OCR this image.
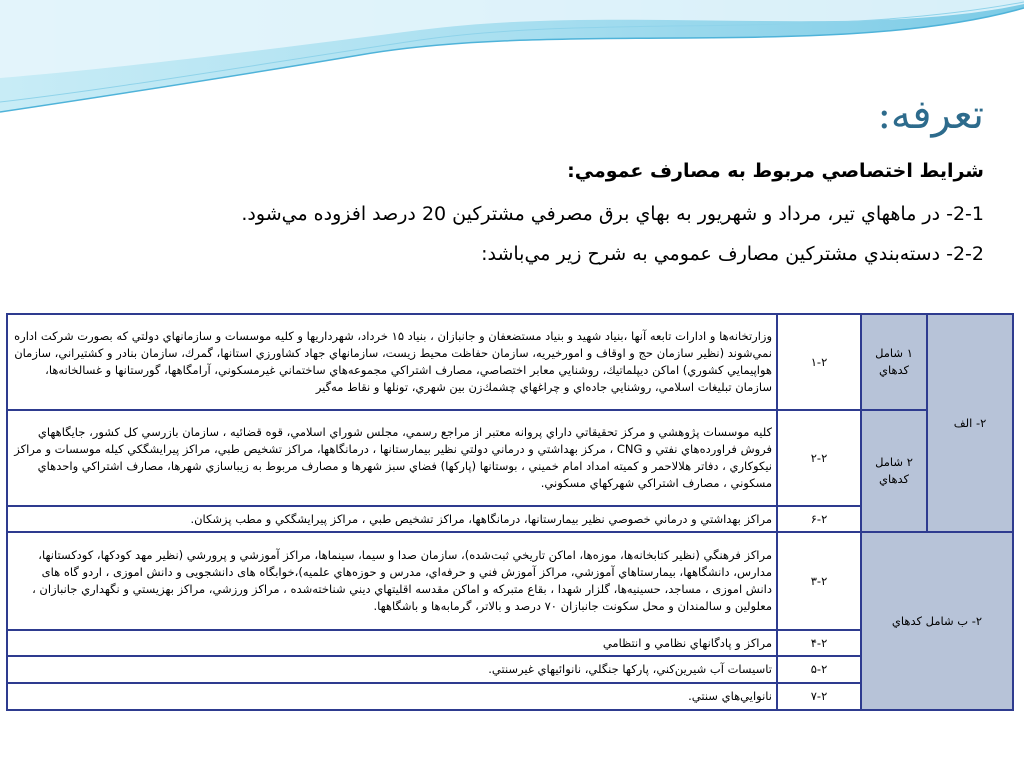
تعرفه:
شرايط اختصاصي مربوط به مصارف عمومي:
2-1- در ماههاي تير، مرداد و شهريور به بهاي برق مصرفي مشتركين 20 درصد افزوده مي‌شود.
2-2- دسته‌بندي مشتركين مصارف عمومي به شرح زير مي‌باشد:
٢- الف	١ شامل كدهاي	٢-١	وزارتخانه‌ها و ادارات تابعه آنها ،بنياد شهيد و بنياد مستضعفان و جانبازان ، بنياد ١۵ خرداد، شهرداريها و كليه موسسات و سازمانهاي دولتي كه بصورت شركت اداره نمي‌شوند (نظير سازمان حج و اوقاف و امورخيريه، سازمان حفاظت محيط زيست، سازمانهاي جهاد كشاورزي استانها، گمرك، سازمان بنادر و كشتيراني، سازمان هواپيمايي كشوري) اماكن ديپلماتيك، روشنايي معابر اختصاصي، مصارف اشتراكي مجموعه‌هاي ساختماني غيرمسكوني، آرامگاهها، گورستانها و غسالخانه‌ها، سازمان تبليغات اسلامي، روشنايي جاده‌اي و چراغهاي چشمك‌زن بين شهري، تونلها و نقاط مه‌گير
	٢ شامل كدهاي	٢-٢	كليه موسسات پژوهشي و مركز تحقيقاتي داراي پروانه معتبر از مراجع رسمي، مجلس شوراي اسلامي، قوه قضائيه ، سازمان بازرسي كل كشور، جايگاههاي فروش فراورده‌هاي نفتي و CNG ، مركز بهداشتي و درماني دولتي نظير بيمارستانها ، درمانگاهها، مراكز تشخيص طبي، مراكز پيرايشگكي كيله موسسات و مراكز نيكوكاري ، دفاتر هلالاحمر و كميته امداد امام خميني ، بوستانها (پاركها) فضاي سبز شهرها و مصارف مربوط به زيباسازي شهرها، مصارف اشتراكي واحدهاي مسكوني ، مصارف اشتراكي شهركهاي مسكوني.
		٢-۶	مراكز بهداشتي و درماني خصوصي نظير بيمارستانها، درمانگاهها، مراكز تشخيص طبي ، مراكز پيرايشگكي و مطب پزشكان.
٢- ب شامل كدهاي		٢-٣	مراكز فرهنگي (نظير كتابخانه‌ها، موزه‌ها، اماكن تاريخي ثبت‌شده)، سازمان صدا و سيما، سينماها، مراكز آموزشي و پرورشي (نظير مهد كودكها، كودكستانها، مدارس، دانشگاهها، بيمارستاهاي آموزشي، مراكز آموزش فني و حرفه‌اي، مدرس و حوزه‌هاي علميه)،خوابگاه هاى دانشجويى و دانش اموزى ، اردو گاه هاى دانش اموزى ، مساجد، حسينيه‌ها، گلزار شهدا ، بقاع متبركه و اماكن مقدسه اقليتهاي ديني شناخته‌شده ، مراكز ورزشي، مراكز بهزيستي و نگهداري جانبازان ، معلولين و سالمندان و محل سكونت جانبازان ٧٠ درصد و بالاتر، گرمابه‌ها و باشگاهها.
		٢-۴	مراكز و پادگانهاي نظامي و انتظامي
		٢-۵	تاسيسات آب شيرين‌كني، پاركها جنگلي، نانوائيهاي غيرسنتي.
		٢-٧	نانوايي‌هاي سنتي.
